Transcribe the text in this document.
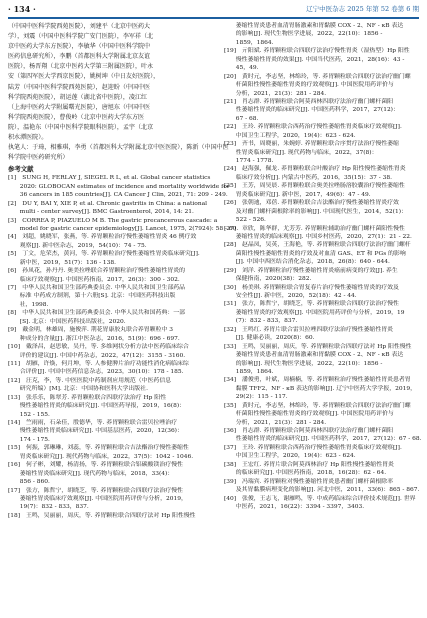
· 134 ·	辽宁中医杂志 2025 年第 52 卷第 6 期
（中国中医科学院西苑医院），刘建平（北京中医药大
学），刘震（中国中医科学院广安门医院），李军祥（北
京中医药大学东方医院），李敏华（中国中医科学院中
医药信息研究所），李鹏（首都医科大学附属北京友谊
医院），杨晋翔（北京中医药大学第三附属医院），叶永
安（第四军医大学西京医院），姚树坤（中日友好医院），
陆芳（中国中医科学院西苑医院），赵迎盼（中国中医
科学院西苑医院），胡运莲（湖北省中医院），凌江红
（上海中医药大学附属曙光医院），唐旭东（中国中医
科学院西苑医院），曹俊岭（北京中医药大学东方医
院），温艳东（中国中医科学院眼科医院），孟宇（北京
积水潭医院）。
执笔人：于琦，相雅琪，李勇（首都医科大学附属北京中医医院），陈新（中国中医
科学院中医药研究所）
参考文献
[1]　SUNG H, FERLAY J, SIEGEL R L, et al. Global cancer statistics
　　2020: GLOBOCAN estimates of incidence and mortality worldwide for
　　36 cancers in 185 countries[J]. CA Cancer J Clin, 2021, 71: 209 - 249.
[2]　DU Y, BAI Y, XIE P, et al. Chronic gastritis in China: a national
　　multi - center survey[J]. BMC Gastroenterol, 2014, 14: 21.
[3]　CORREA P, PIAZUELO M B. The gastric precancerous cascade: a
　　model for gastric cancer epidemiology[J]. Lancet, 1975, 2(7924): 58 - 60.
[4]　刘超，姚晓军，张燕，等. 养胃颗粒治疗慢性萎缩性胃炎 46 例疗效
　　观察[J]. 新中医杂志，2019，54(10)：74 - 75.
[5]　丁文，危荣杰，黄河，等. 养胃颗粒治疗慢性萎缩性胃炎临床研究[J].
　　新中医，2019，51(7)：136 - 138.
[6]　孙凤花，孙丹丹. 奥美拉唑联合养胃颗粒治疗慢性萎缩性胃炎的
　　临床疗效观察[J]. 中国医药指南，2017，26(3)：300 - 302.
[7]　中华人民共和国卫生部药典委员会. 中华人民共和国卫生部药品
　　标准 中药成方制剂，第十六册[S]. 北京：中国医药科技出版
　　社，1998.
[8]　中华人民共和国卫生部药典委员会. 中华人民共和国药典：一部
　　[S]. 北京：中国医药科技出版社，2020.
[9]　戴金明，林雄周，施俊萍. 荆花胃康胶丸联合养胃颗粒中 3
　　种成分的含量[J]. 浙江中医杂志，2016，51(9)：696 - 697.
[10]　戴泽昌，赵思敏，吴丹，等. 多维网状分析方法中医药临床综合
　　评价的建议[J]. 中国中药杂志，2022，47(12)：3155 - 3160.
[11]　胡雁，许焕，何月坤，等. 人参健脾片治疗功能性消化病临床综
　　合评价[J]. 中国中医药信息杂志，2023，30(10)：178 - 185.
[12]　汪克，李，等. 中医医院中药制剂应用规范（中医药信息
　　研究所编）[M]. 北京：中国协和医科大学出版社.
[13]　张乐乐，陈翠芳. 养胃颗粒联合四联疗法治疗 Hp 阳性
　　慢性萎缩性胃炎的临床研究[J]. 中国医药导报，2019，16(8)：
　　152 - 155.
[14]　竺雨雨，石朵佳，殷德华，等. 养胃颗粒联合雷贝拉唑治疗
　　慢性萎缩性胃炎临床研究[J]. 中国基层医药，2020，12(36)：
　　174 - 175.
[15]　何振，郭琳琳，刘蕊，等. 养胃颗粒联合吉法酯治疗慢性萎缩性
　　胃炎临床研究[J]. 现代药物与临床，2022，37(5)：1042 - 1046.
[16]　何子彬，刘耀，杨清扬，等. 养胃颗粒联合铝碳酸镁治疗慢性
　　萎缩性胃炎临床研究[J]. 现代药物与临床，2018，33(4)：
　　856 - 860.
[17]　张方，陈哲宁，胡晓芝，等. 养胃颗粒联合四联疗法治疗慢性
　　萎缩性胃炎临床疗效观察[J]. 中国医院用药评价与分析，2019，
　　19(7)：832 - 833，837.
[18]　王鸣，吴丽丽，周庆，等. 养胃颗粒联合四联疗法对 Hp 阳性慢性
　　萎缩性胃炎患者血清胃肠激素和胃黏膜 COX - 2、NF - κB 表达
　　的影响[J]. 现代生物医学进展，2022，22(10)：1856 -
　　1859，1864.
[19]　亓阳斌. 养胃颗粒联合四联疗法治疗慢性胃炎（湿热型）Hp 阳性
　　慢性萎缩性胃炎的效果[J]. 中国当代医药，2021，28(16)：43 -
　　45，49.
[20]　黄时元，李志坚，林绵玲，等. 养胃颗粒联合四联疗法治疗幽门螺
　　杆菌阳性慢性萎缩性胃炎的疗效观察[J]. 中国医院用药评价与
　　分析，2021，21(3)：281 - 284.
[21]　肖志群. 养胃颗粒联合阿莫西林四联疗法治疗幽门螺杆菌阳
　　性萎缩性胃炎的临床研究[J]. 中国医药科学，2017，27(12)：
　　67 - 68.
[22]　王玲. 养胃颗粒联合西药治疗慢性萎缩性胃炎临床疗效观察[J].
　　中国卫生工程学，2020，19(4)：623 - 624.
[23]　齐书，周晓丽，朱婉婷. 养胃颗粒联合序贯疗法治疗慢性萎缩
　　性胃炎临床研究[J]. 现代药物与临床，2022，37(8)：
　　1774 - 1778.
[24]　赵海强，佩龙. 养胃颗粒联合叶酸治疗 Hp 阳性慢性萎缩性胃炎
　　临床疗效分析[J]. 内蒙古中医药，2016，35(15)：37 - 38.
[25]　王芳，周昊晨. 养胃颗粒联合奥美拉唑肠溶胶囊治疗慢性萎缩性
　　胃炎临床研究[J]. 新中医，2017，49(6)：47 - 49.
[26]　张朝迪，邓蓓. 养胃颗粒联合吉法酯治疗慢性萎缩性胃炎疗效
　　及对幽门螺杆菌根除率的影响[J]. 中国现代医生，2014，52(1)：
　　522 - 526.
[27]　章欣，陈华群，尤芳芳. 养胃颗粒辅助治疗幽门螺杆菌阳性慢性
　　萎缩性胃炎的临床观察[J]. 中国乡村医药，2020，27(1)：21 - 22.
[28]　赵晶凤，吴英，王海艳，等. 养胃颗粒联合四联疗法治疗幽门螺杆
　　菌阳性慢性萎缩性胃炎的疗效及对血清 GAS、ET 和 PGs 的影响
　　[J]. 中国中西医结合消化杂志，2018，26(8)：640 - 644.
[29]　刘洋. 养胃颗粒治疗慢性萎缩性胃炎癌前病变的疗效[J]. 养生
　　保健指南，2020(38)：282.
[30]　杨美琪. 养胃颗粒联合胃复春片治疗慢性萎缩性胃炎的疗效及
　　安全性[J]. 新中医，2020，52(18)：42 - 44.
[31]　张方，陈哲宁，胡晓芝，等. 养胃颗粒联合四联疗法治疗慢性
　　萎缩性胃炎的疗效观察[J]. 中国医院用药评价与分析，2019，19
　　(7)：832 - 833，837.
[32]　王鸣红. 养胃片联合雷贝拉唑四联疗法治疗慢性萎缩性胃炎
　　[J]. 健康必读，2020(8)：60.
[33]　王鸣，吴丽丽，周庆，等. 养胃颗粒联合四联疗法对 Hp 阳性慢性
　　萎缩性胃炎患者血清胃肠激素和胃黏膜 COX - 2、NF - κB 表达
　　的影响[J]. 现代生物医学进展，2022，22(10)：1856 -
　　1859，1864.
[34]　潘俊勇，叶斌，周楠楠，等. 养胃颗粒治疗慢性萎缩性胃炎患者胃
　　黏膜 TFF2、NF - κB 表达的影响[J]. 辽宁中医药大学学报，2019，
　　29(2)：115 - 117.
[35]　黄时元，李志坚，林绵玲，等. 养胃颗粒联合四联疗法治疗幽门螺
　　杆菌阳性慢性萎缩性胃炎的疗效观察[J]. 中国医院用药评价与
　　分析，2021，21(3)：281 - 284.
[36]　肖志群. 养胃颗粒联合阿莫西林四联疗法治疗幽门螺杆菌阳
　　性萎缩性胃炎的临床研究[J]. 中国医药科学，2017，27(12)：67 - 68.
[37]　王玲. 养胃颗粒联合西药治疗慢性萎缩性胃炎临床疗效观察[J].
　　中国卫生工程学，2020，19(4)：623 - 624.
[38]　王宏红. 养胃片联合阿莫西林治疗 Hp 阳性慢性萎缩性胃炎
　　的临床研究[J]. 中国医药指南，2018，16(28)：62 - 64.
[39]　冯瑞宾. 养胃颗粒对慢性萎缩性胃炎患者幽门螺杆菌根除率
　　及其胃黏膜病理变化的影响[J]. 河北中医，2011，33(6)：865 - 867.
[40]　张俊，王志飞，谢雁鸣，等. 中成药临床综合评价技术规范[J]. 世界
　　中医药，2021，16(22)：3394 - 3397，3403.
